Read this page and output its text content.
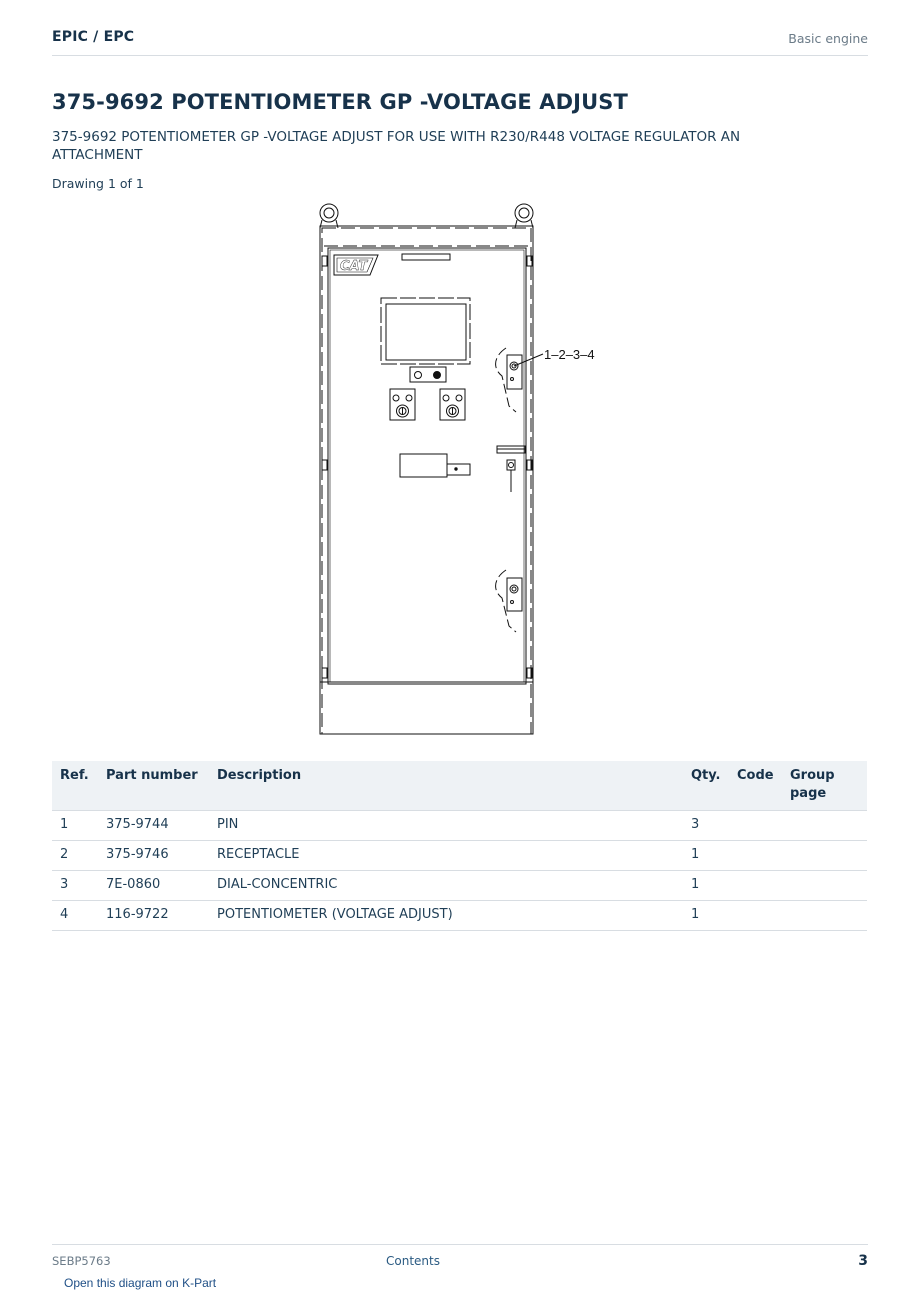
EPIC / EPC	Basic engine
375-9692 POTENTIOMETER GP -VOLTAGE ADJUST

375-9692 POTENTIOMETER GP -VOLTAGE ADJUST FOR USE WITH R230/R448 VOLTAGE REGULATOR AN ATTACHMENT

Drawing 1 of 1

CAT
1–2–3–4
Ref.	Part number	Description	Qty.	Code	Group page
1	375-9744	PIN	3		
2	375-9746	RECEPTACLE	1		
3	7E-0860	DIAL-CONCENTRIC	1		
4	116-9722	POTENTIOMETER (VOLTAGE ADJUST)	1		
SEBP5763	Contents	3
Open this diagram on K-Part
